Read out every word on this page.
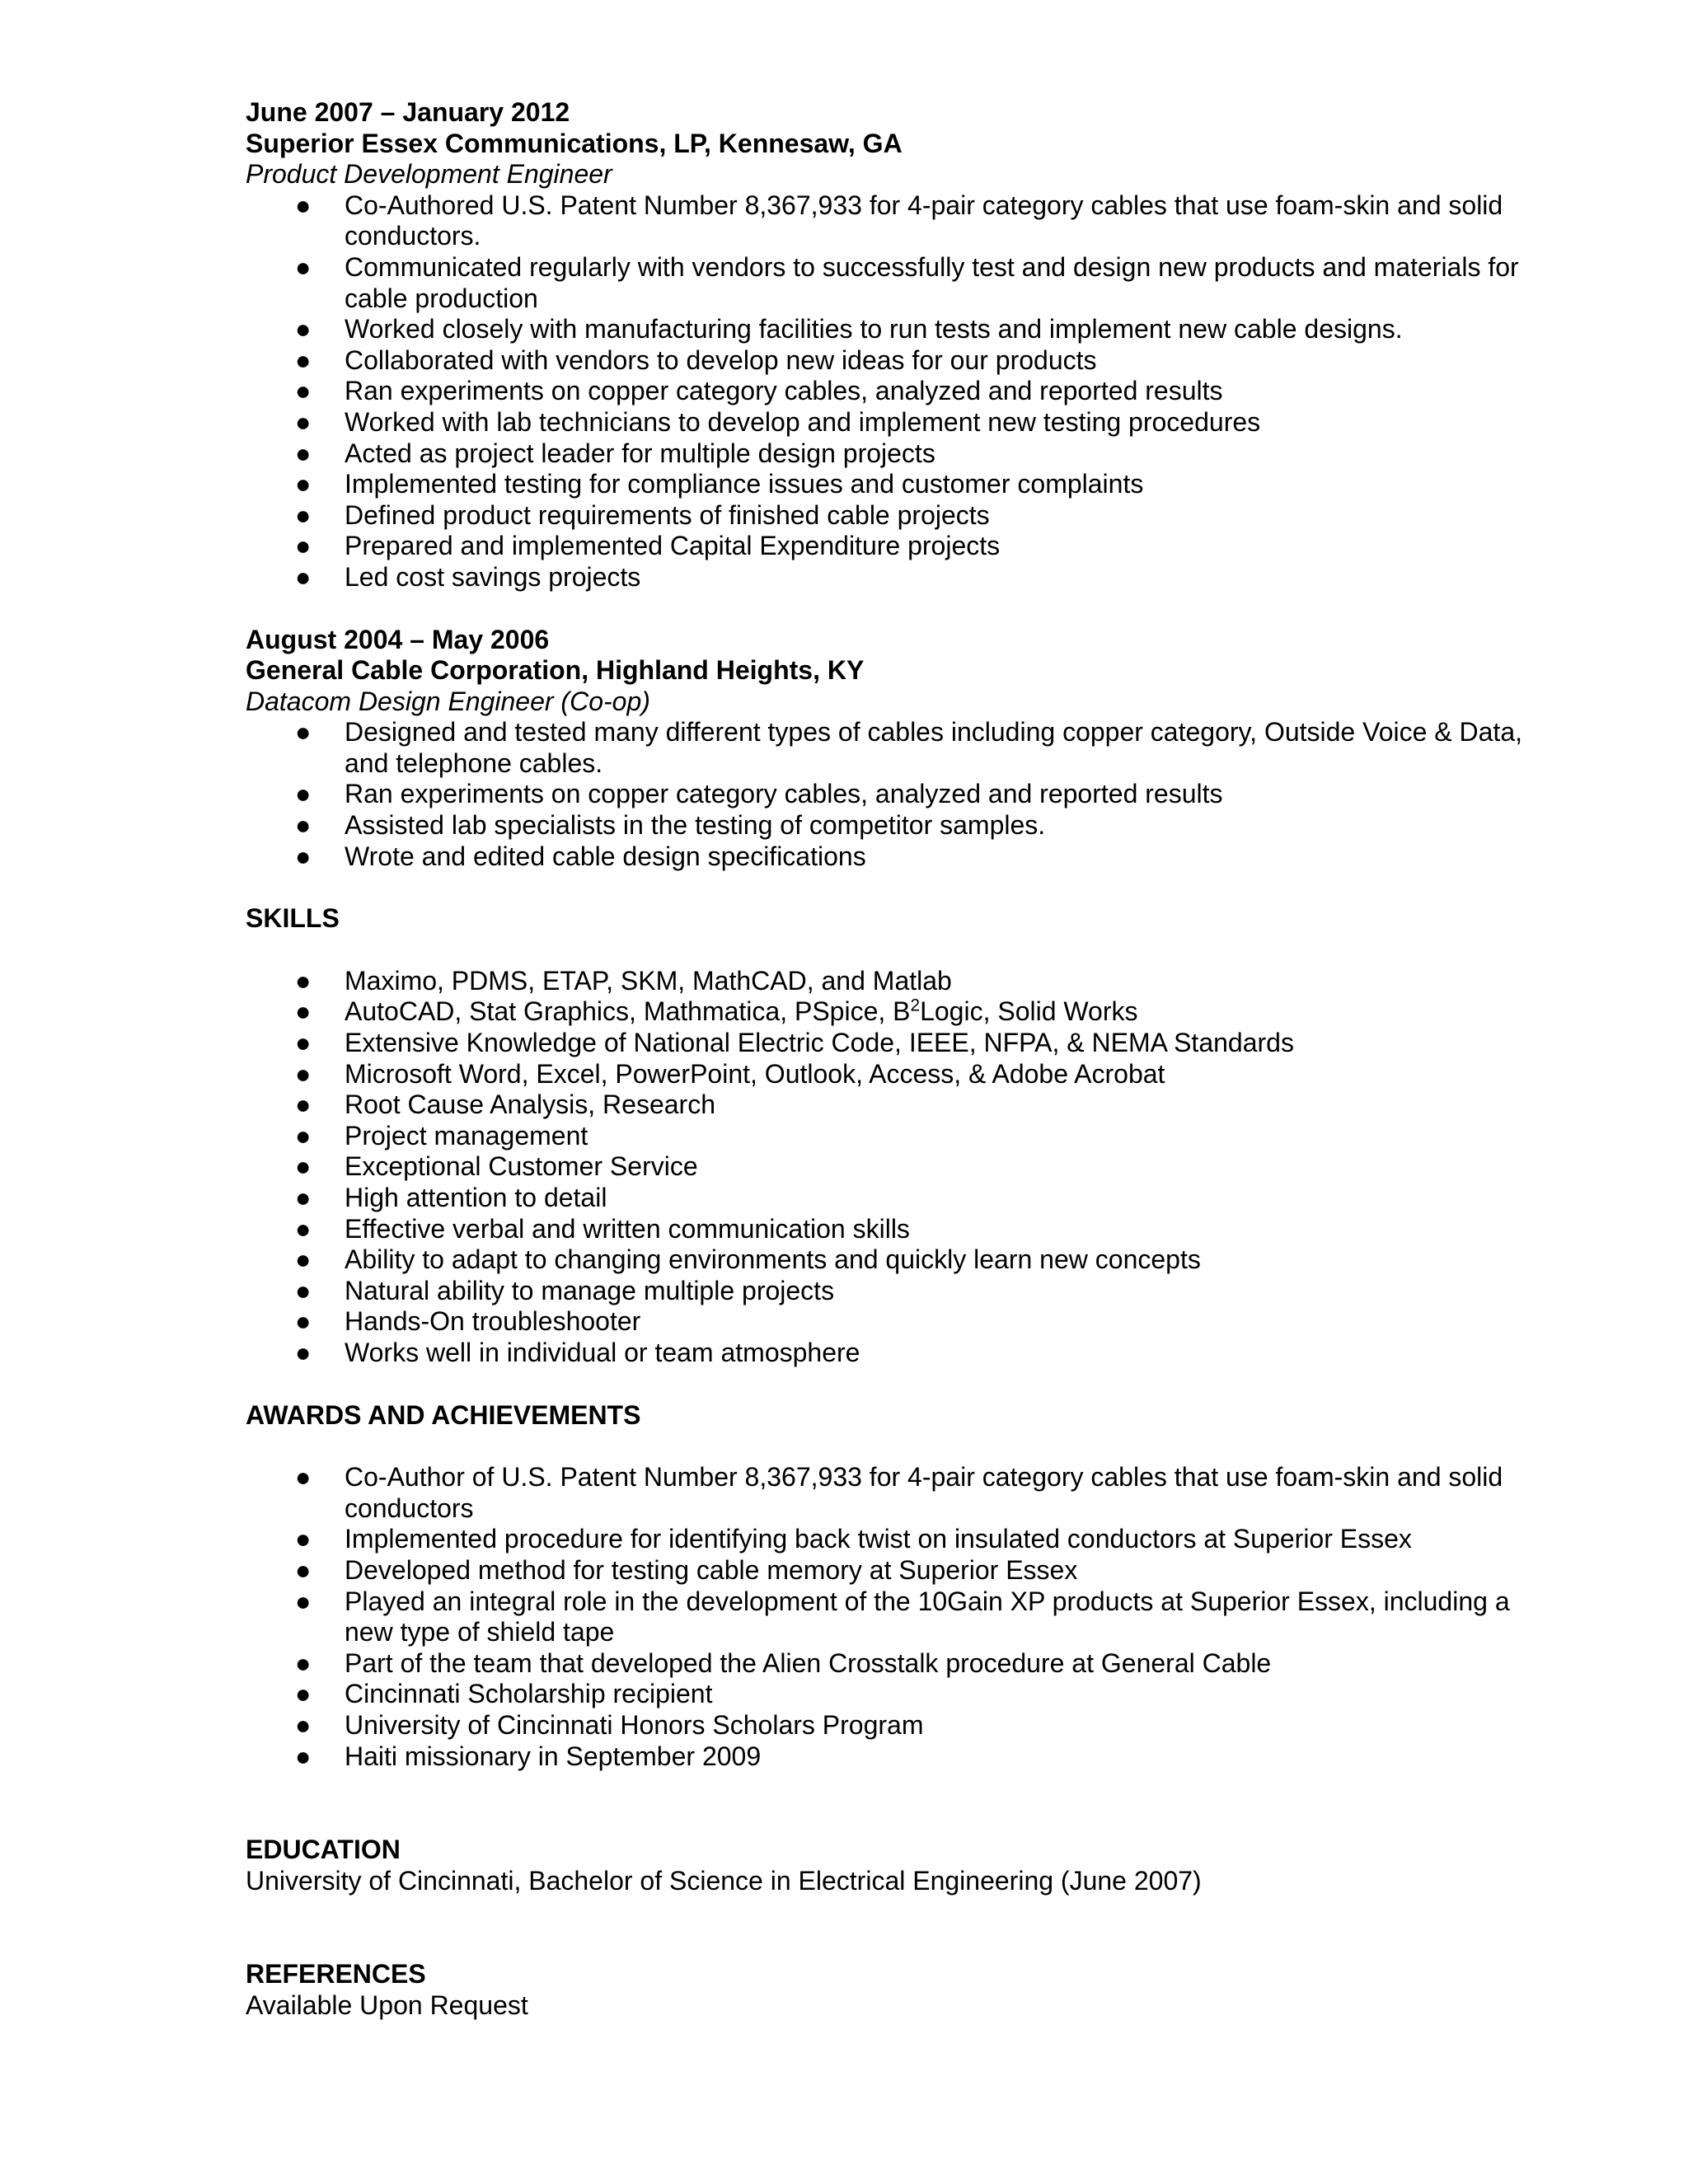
June 2007 – January 2012
Superior Essex Communications, LP, Kennesaw, GA
Product Development Engineer
● Co-Authored U.S. Patent Number 8,367,933 for 4-pair category cables that use foam-skin and solid conductors.
● Communicated regularly with vendors to successfully test and design new products and materials for cable production
● Worked closely with manufacturing facilities to run tests and implement new cable designs.
● Collaborated with vendors to develop new ideas for our products
● Ran experiments on copper category cables, analyzed and reported results
● Worked with lab technicians to develop and implement new testing procedures
● Acted as project leader for multiple design projects
● Implemented testing for compliance issues and customer complaints
● Defined product requirements of finished cable projects
● Prepared and implemented Capital Expenditure projects
● Led cost savings projects
August 2004 – May 2006
General Cable Corporation, Highland Heights, KY
Datacom Design Engineer (Co-op)
● Designed and tested many different types of cables including copper category, Outside Voice & Data, and telephone cables.
● Ran experiments on copper category cables, analyzed and reported results
● Assisted lab specialists in the testing of competitor samples.
● Wrote and edited cable design specifications
SKILLS
● Maximo, PDMS, ETAP, SKM, MathCAD, and Matlab
● AutoCAD, Stat Graphics, Mathmatica, PSpice, $B^2Logic$, Solid Works
● Extensive Knowledge of National Electric Code, IEEE, NFPA, & NEMA Standards
● Microsoft Word, Excel, PowerPoint, Outlook, Access, & Adobe Acrobat
● Root Cause Analysis, Research
● Project management
● Exceptional Customer Service
● High attention to detail
● Effective verbal and written communication skills
● Ability to adapt to changing environments and quickly learn new concepts
● Natural ability to manage multiple projects
● Hands-On troubleshooter
● Works well in individual or team atmosphere
AWARDS AND ACHIEVEMENTS
● Co-Author of U.S. Patent Number 8,367,933 for 4-pair category cables that use foam-skin and solid conductors
● Implemented procedure for identifying back twist on insulated conductors at Superior Essex
● Developed method for testing cable memory at Superior Essex
● Played an integral role in the development of the 10Gain XP products at Superior Essex, including a new type of shield tape
● Part of the team that developed the Alien Crosstalk procedure at General Cable
● Cincinnati Scholarship recipient
● University of Cincinnati Honors Scholars Program
● Haiti missionary in September 2009
EDUCATION
University of Cincinnati, Bachelor of Science in Electrical Engineering (June 2007)
REFERENCES
Available Upon Request
